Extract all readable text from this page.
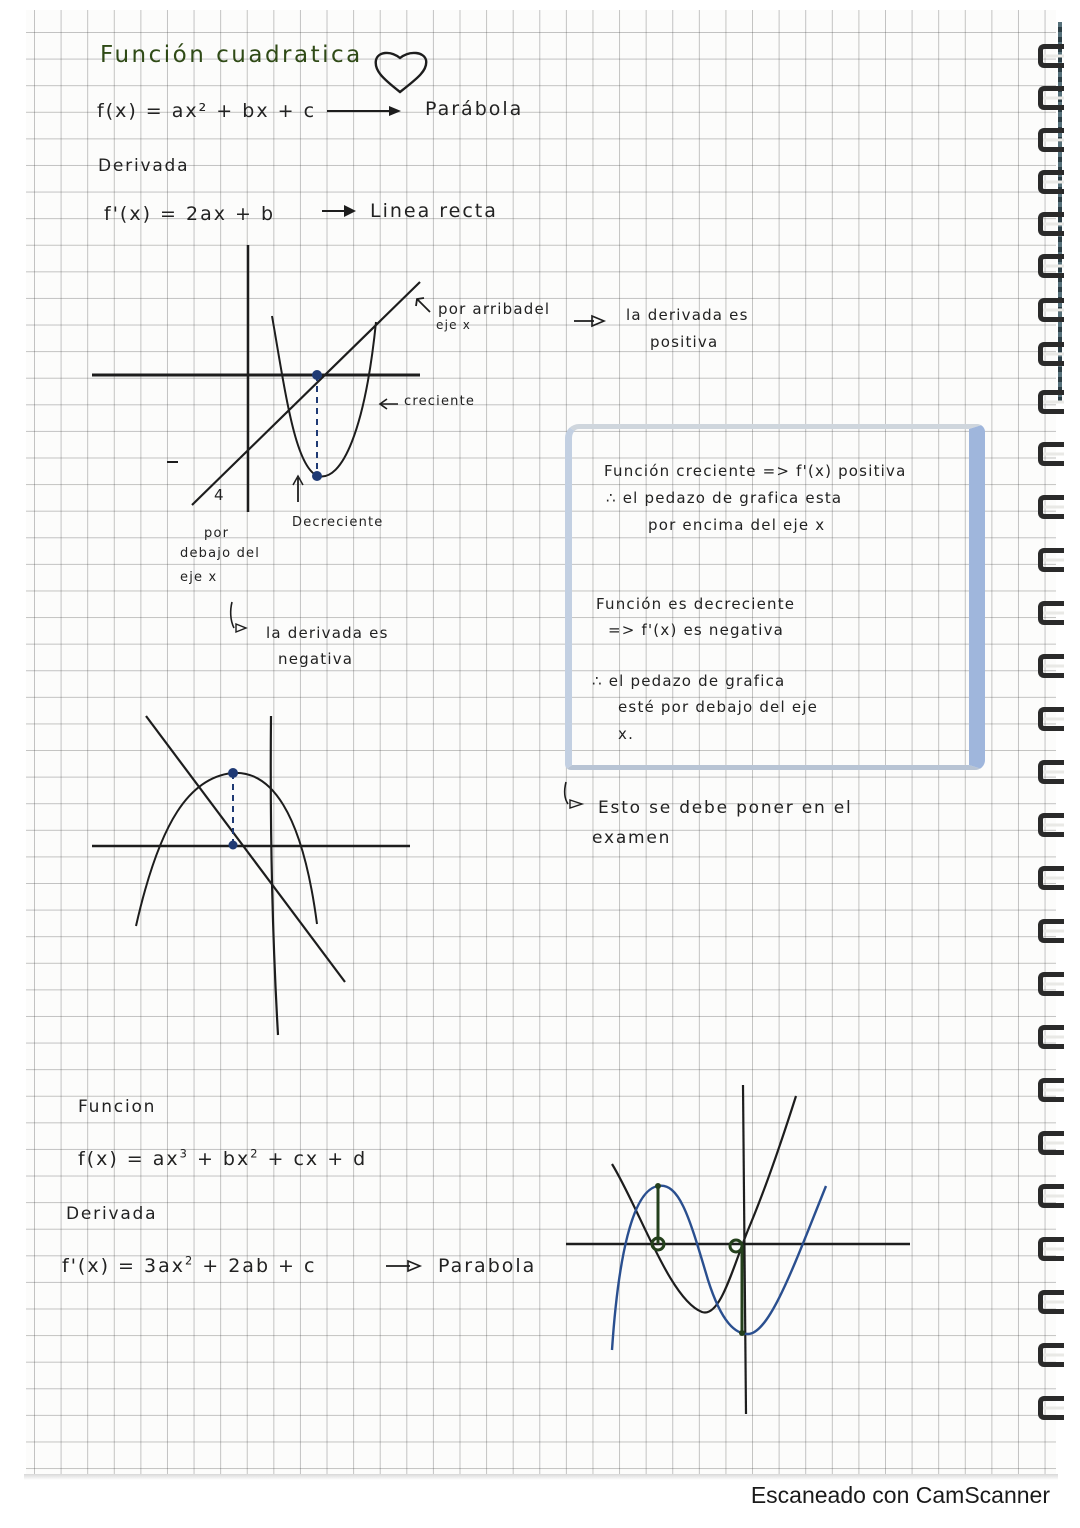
Función cuadratica
f(x) = ax² + bx + c	Parábola
Derivada
f'(x) = 2ax + b	Linea recta
4
por arribadel
eje x
la derivada es
positiva
creciente
Decreciente
por
debajo del
eje x
la derivada es
negativa
Función creciente => f'(x) positiva
∴ el pedazo de grafica esta
por encima del eje x
Función es decreciente
=> f'(x) es negativa
∴ el pedazo de grafica
esté por debajo del eje
x.
Esto se debe poner en el
examen
Funcion
$f(x) = ax^3 + bx^2$ + cx + d
Derivada
$f'(x) = 3ax^2 + 2ab + c$	Parabola
Escaneado con CamScanner
